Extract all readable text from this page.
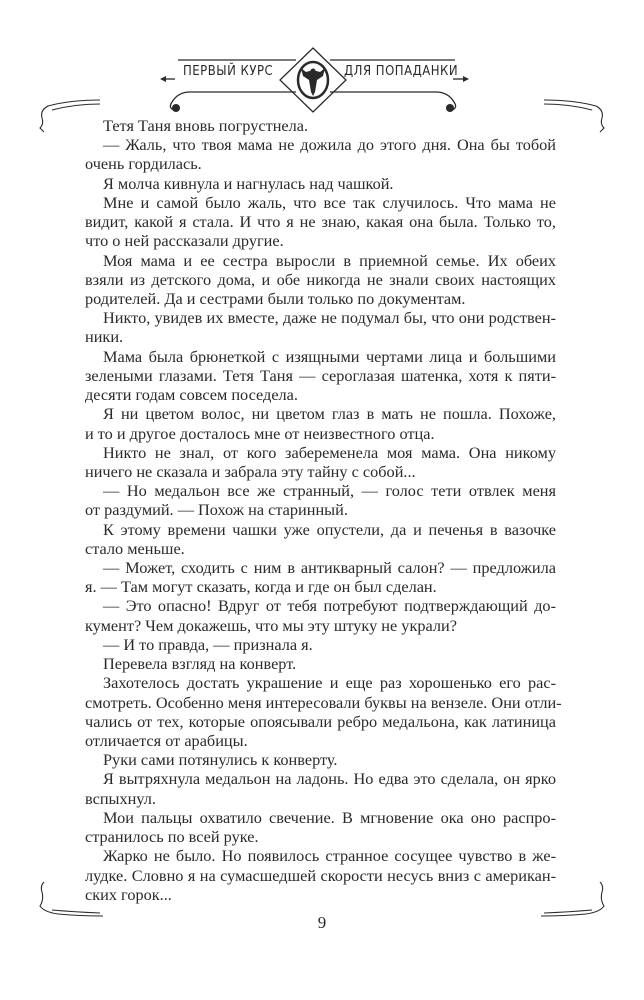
ПЕРВЫЙ КУРС	ДЛЯ ПОПАДАНКИ
Тетя Таня вновь погрустнела.
— Жаль, что твоя мама не дожила до этого дня. Она бы тобой
очень гордилась.
Я молча кивнула и нагнулась над чашкой.
Мне и самой было жаль, что все так случилось. Что мама не
видит, какой я стала. И что я не знаю, какая она была. Только то,
что о ней рассказали другие.
Моя мама и ее сестра выросли в приемной семье. Их обеих
взяли из детского дома, и обе никогда не знали своих настоящих
родителей. Да и сестрами были только по документам.
Никто, увидев их вместе, даже не подумал бы, что они родствен-
ники.
Мама была брюнеткой с изящными чертами лица и большими
зелеными глазами. Тетя Таня — сероглазая шатенка, хотя к пяти-
десяти годам совсем поседела.
Я ни цветом волос, ни цветом глаз в мать не пошла. Похоже,
и то и другое досталось мне от неизвестного отца.
Никто не знал, от кого забеременела моя мама. Она никому
ничего не сказала и забрала эту тайну с собой...
— Но медальон все же странный, — голос тети отвлек меня
от раздумий. — Похож на старинный.
К этому времени чашки уже опустели, да и печенья в вазочке
стало меньше.
— Может, сходить с ним в антикварный салон? — предложила
я. — Там могут сказать, когда и где он был сделан.
— Это опасно! Вдруг от тебя потребуют подтверждающий до-
кумент? Чем докажешь, что мы эту штуку не украли?
— И то правда, — признала я.
Перевела взгляд на конверт.
Захотелось достать украшение и еще раз хорошенько его рас-
смотреть. Особенно меня интересовали буквы на вензеле. Они отли-
чались от тех, которые опоясывали ребро медальона, как латиница
отличается от арабицы.
Руки сами потянулись к конверту.
Я вытряхнула медальон на ладонь. Но едва это сделала, он ярко
вспыхнул.
Мои пальцы охватило свечение. В мгновение ока оно распро-
странилось по всей руке.
Жарко не было. Но появилось странное сосущее чувство в же-
лудке. Словно я на сумасшедшей скорости несусь вниз с американ-
ских горок...
9
